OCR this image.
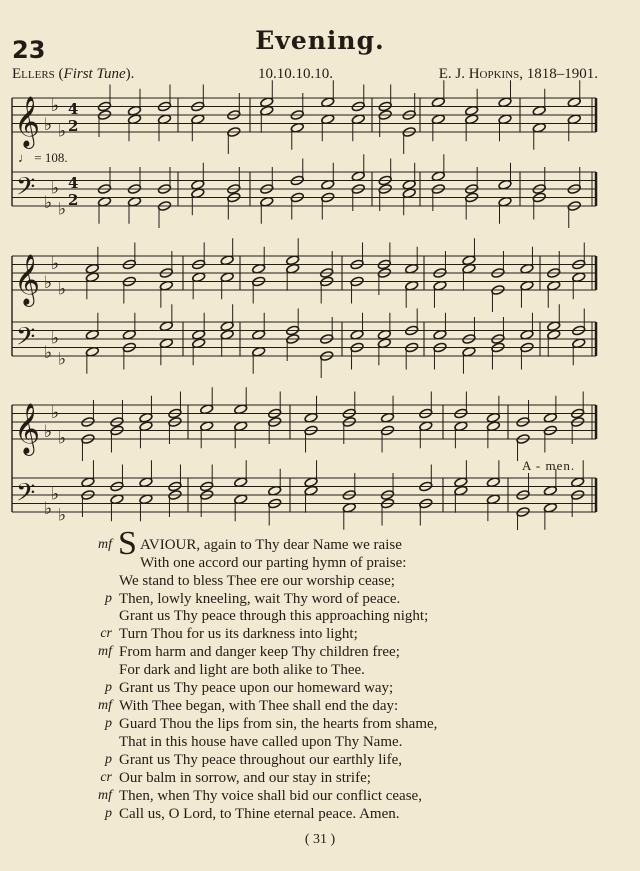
23	Evening.
Ellers (First Tune).	10.10.10.10.	E. J. Hopkins, 1818–1901.
𝄞
𝄢
♭
♭
♭
♭
♭
♭
4
2
4
2
𝄞
𝄢
♭
♭
♭
♭
♭
♭
𝄞
𝄢
♭
♭
♭
♭
♭
♭
♩ = 108.
A - men.
mf S AVIOUR, again to Thy dear Name we raise
With one accord our parting hymn of praise:
We stand to bless Thee ere our worship cease;
p Then, lowly kneeling, wait Thy word of peace.
Grant us Thy peace through this approaching night;
cr Turn Thou for us its darkness into light;
mf From harm and danger keep Thy children free;
For dark and light are both alike to Thee.
p Grant us Thy peace upon our homeward way;
mf With Thee began, with Thee shall end the day:
p Guard Thou the lips from sin, the hearts from shame,
That in this house have called upon Thy Name.
p Grant us Thy peace throughout our earthly life,
cr Our balm in sorrow, and our stay in strife;
mf Then, when Thy voice shall bid our conflict cease,
p Call us, O Lord, to Thine eternal peace. Amen.
( 31 )
